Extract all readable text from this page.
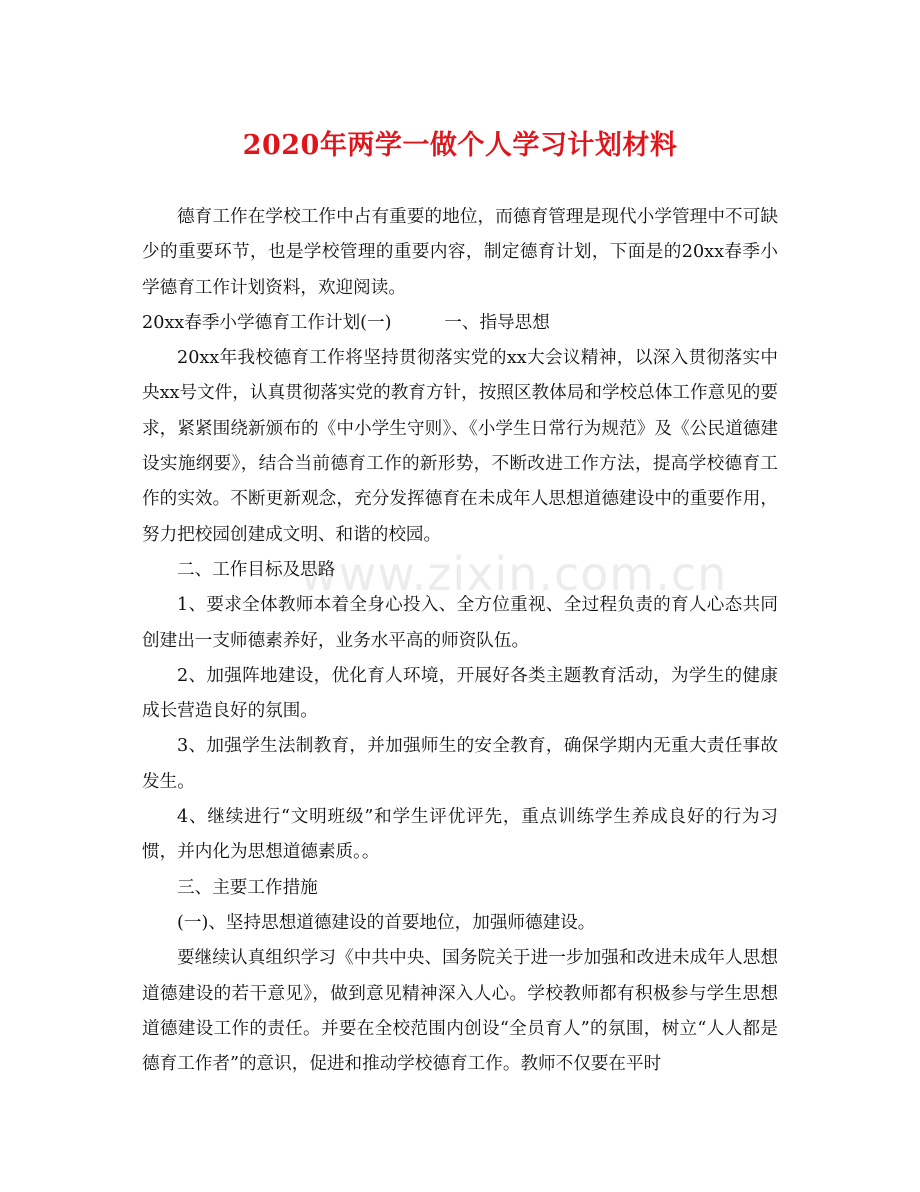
2020年两学一做个人学习计划材料

德育工作在学校工作中占有重要的地位，而德育管理是现代小学管理中不可缺少的重要环节，也是学校管理的重要内容，制定德育计划，下面是的20xx春季小学德育工作计划资料，欢迎阅读。

20xx春季小学德育工作计划(一)　　　一、指导思想

20xx年我校德育工作将坚持贯彻落实党的xx大会议精神，以深入贯彻落实中央xx号文件，认真贯彻落实党的教育方针，按照区教体局和学校总体工作意见的要求，紧紧围绕新颁布的《中小学生守则》、《小学生日常行为规范》及《公民道德建设实施纲要》，结合当前德育工作的新形势，不断改进工作方法，提高学校德育工作的实效。不断更新观念，充分发挥德育在未成年人思想道德建设中的重要作用，努力把校园创建成文明、和谐的校园。

二、工作目标及思路

1、要求全体教师本着全身心投入、全方位重视、全过程负责的育人心态共同创建出一支师德素养好，业务水平高的师资队伍。

2、加强阵地建设，优化育人环境，开展好各类主题教育活动，为学生的健康成长营造良好的氛围。

3、加强学生法制教育，并加强师生的安全教育，确保学期内无重大责任事故发生。

4、继续进行“文明班级”和学生评优评先，重点训练学生养成良好的行为习惯，并内化为思想道德素质。。

三、主要工作措施

(一)、坚持思想道德建设的首要地位，加强师德建设。

要继续认真组织学习《中共中央、国务院关于进一步加强和改进未成年人思想道德建设的若干意见》，做到意见精神深入人心。学校教师都有积极参与学生思想道德建设工作的责任。并要在全校范围内创设“全员育人”的氛围，树立“人人都是德育工作者”的意识，促进和推动学校德育工作。教师不仅要在平时

www.zixin.com.cn
